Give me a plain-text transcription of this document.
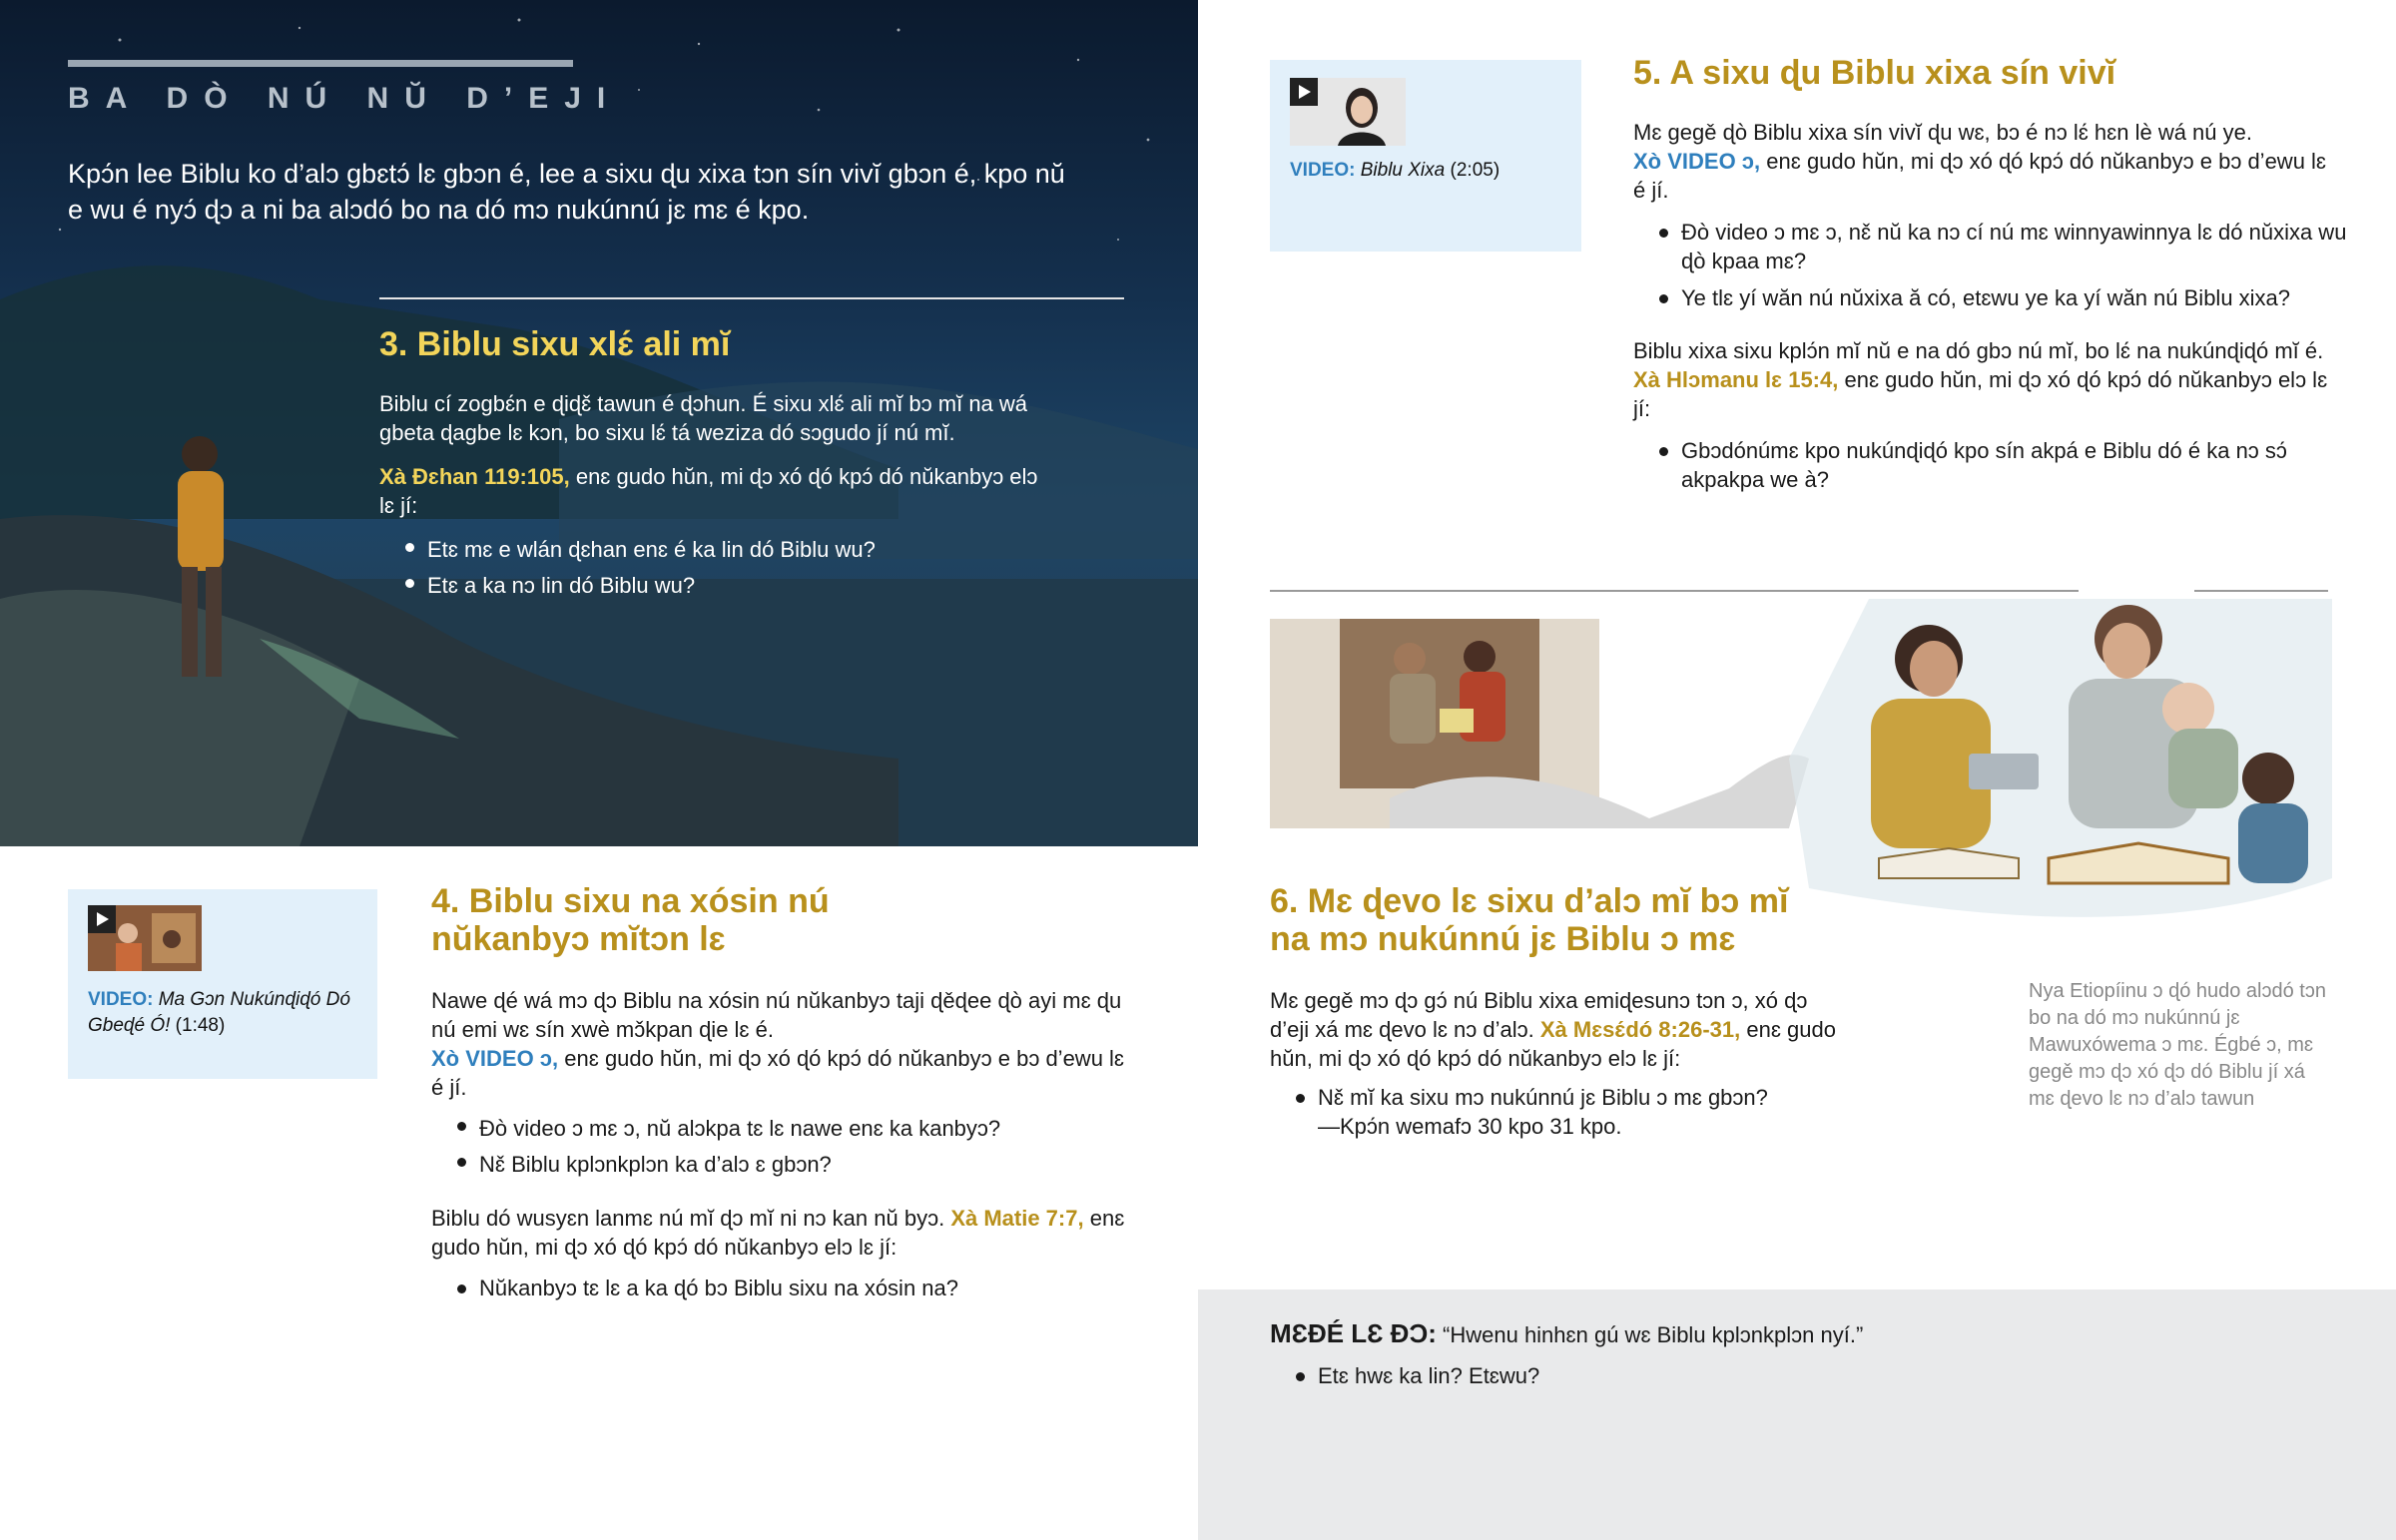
BA DÒ NÚ NŬ D’EJI
Kpɔ́n lee Biblu ko d’alɔ gbɛtɔ́ lɛ gbɔn é, lee a sixu ɖu xixa tɔn sín vivĭ gbɔn é, kpo nŭ e wu é nyɔ́ ɖɔ a ni ba alɔdó bo na dó mɔ nukúnnú jɛ mɛ é kpo.
3. Biblu sixu xlɛ́ ali mĭ
Biblu cí zogbɛ́n e ɖiɖɛ̌ tawun é ɖɔhun. É sixu xlɛ́ ali mĭ bɔ mĭ na wá gbeta ɖagbe lɛ kɔn, bo sixu lɛ́ tá weziza dó sɔgudo jí nú mĭ.
Xà Ɖɛhan 119:105, enɛ gudo hŭn, mi ɖɔ xó ɖó kpɔ́ dó nŭkanbyɔ elɔ lɛ jí:
Etɛ mɛ e wlán ɖɛhan enɛ é ka lin dó Biblu wu?
Etɛ a ka nɔ lin dó Biblu wu?
VIDEO: Biblu Xixa (2:05)
5. A sixu ɖu Biblu xixa sín vivĭ
Mɛ gegě ɖò Biblu xixa sín vivĭ ɖu wɛ, bɔ é nɔ lɛ́ hɛn lè wá nú ye.
Xò VIDEO ɔ, enɛ gudo hŭn, mi ɖɔ xó ɖó kpɔ́ dó nŭkanbyɔ e bɔ d’ewu lɛ é jí.
Ðò video ɔ mɛ ɔ, nɛ̌ nŭ ka nɔ cí nú mɛ winnyawinnya lɛ dó nŭxixa wu ɖò kpaa mɛ?
Ye tlɛ yí wăn nú nŭxixa ă có, etɛwu ye ka yí wăn nú Biblu xixa?
Biblu xixa sixu kplɔ́n mĭ nŭ e na dó gbɔ nú mĭ, bo lɛ́ na nukúnɖiɖó mĭ é. Xà Hlɔmanu lɛ 15:4, enɛ gudo hŭn, mi ɖɔ xó ɖó kpɔ́ dó nŭkanbyɔ elɔ lɛ jí:
Gbɔdónúmɛ kpo nukúnɖiɖó kpo sín akpá e Biblu dó é ka nɔ sɔ́ akpakpa we à?
VIDEO: Ma Gɔn Nukúnɖiɖó Dó Gbeɖé Ó! (1:48)
4. Biblu sixu na xósin nú nŭkanbyɔ mĭtɔn lɛ
Nawe ɖé wá mɔ ɖɔ Biblu na xósin nú nŭkanbyɔ taji ɖěɖee ɖò ayi mɛ ɖu nú emi wɛ sín xwè mɔ̌kpan ɖie lɛ é.
Xò VIDEO ɔ, enɛ gudo hŭn, mi ɖɔ xó ɖó kpɔ́ dó nŭkanbyɔ e bɔ d’ewu lɛ é jí.
Ðò video ɔ mɛ ɔ, nŭ alɔkpa tɛ lɛ nawe enɛ ka kanbyɔ?
Nɛ̌ Biblu kplɔnkplɔn ka d’alɔ ɛ gbɔn?
Biblu dó wusyɛn lanmɛ nú mĭ ɖɔ mĭ ni nɔ kan nŭ byɔ. Xà Matie 7:7, enɛ gudo hŭn, mi ɖɔ xó ɖó kpɔ́ dó nŭkanbyɔ elɔ lɛ jí:
Nŭkanbyɔ tɛ lɛ a ka ɖó bɔ Biblu sixu na xósin na?
6. Mɛ ɖevo lɛ sixu d’alɔ mĭ bɔ mĭ na mɔ nukúnnú jɛ Biblu ɔ mɛ
Mɛ gegě mɔ ɖɔ gɔ́ nú Biblu xixa emiɖesunɔ tɔn ɔ, xó ɖɔ d’eji xá mɛ ɖevo lɛ nɔ d’alɔ. Xà Mɛsɛ́dó 8:26-31, enɛ gudo hŭn, mi ɖɔ xó ɖó kpɔ́ dó nŭkanbyɔ elɔ lɛ jí:
Nɛ̌ mĭ ka sixu mɔ nukúnnú jɛ Biblu ɔ mɛ gbɔn?
—Kpɔ́n wemafɔ 30 kpo 31 kpo.
Nya Etiopíinu ɔ ɖó hudo alɔdó tɔn bo na dó mɔ nukúnnú jɛ Mawuxówema ɔ mɛ. Égbé ɔ, mɛ gegě mɔ ɖɔ xó ɖɔ dó Biblu jí xá mɛ ɖevo lɛ nɔ d’alɔ tawun
MƐÐÉ LƐ ÐƆ: “Hwenu hinhɛn gú wɛ Biblu kplɔnkplɔn nyí.”
Etɛ hwɛ ka lin? Etɛwu?
